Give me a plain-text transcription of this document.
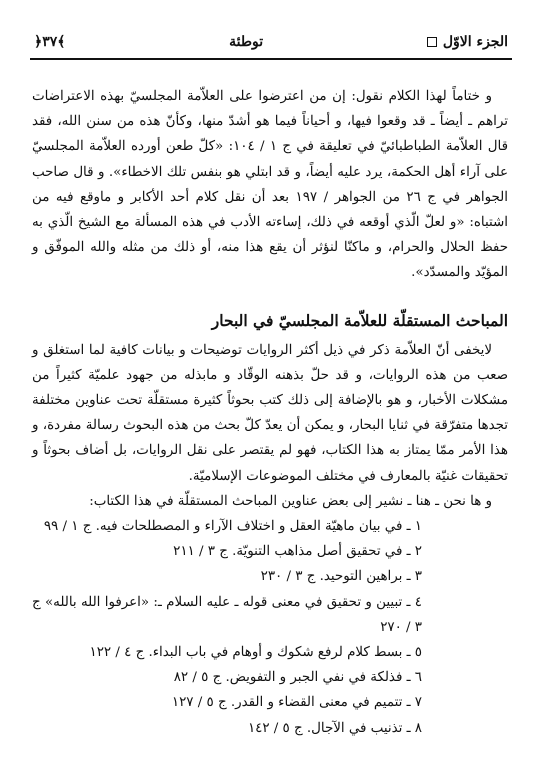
الجزء الاوّل
توطئة
﴾٣٧﴿

و ختاماً لهذا الكلام نقول: إن من اعترضوا على العلاّمة المجلسيّ بهذه الاعتراضات تراهم ـ أيضاً ـ قد وقعوا فيها، و أحياناً فيما هو أشدّ منها، وكأنّ هذه من سنن الله، فقد قال العلاّمة الطباطبائيّ في تعليقة في ج ١ / ١٠٤: «كلّ طعن أورده العلاّمة المجلسيّ على آراء أهل الحكمة، يرد عليه أيضاً، و قد ابتلي هو بنفس تلك الاخطاء». و قال صاحب الجواهر في ج ٢٦ من الجواهر / ١٩٧ بعد أن نقل كلام أحد الأكابر و ماوقع فيه من اشتباه: «و لعلّ الّذي أوقعه في ذلك، إساءته الأدب في هذه المسألة مع الشيخ الّذي به حفظ الحلال والحرام، و ماكنّا لنؤثر أن يقع هذا منه، أو ذلك من مثله والله الموفّق و المؤيّد والمسدّد».

المباحث المستقلّة للعلاّمة المجلسيّ في البحار

لايخفى أنّ العلاّمة ذكر في ذيل أكثر الروايات توضيحات و بيانات كافية لما استغلق و صعب من هذه الروايات، و قد حلّ بذهنه الوقّاد و مابذله من جهود علميّة كثيراً من مشكلات الأخبار، و هو بالإضافة إلى ذلك كتب بحوثاً كثيرة مستقلّة تحت عناوين مختلفة تجدها متفرّقة في ثنايا البحار، و يمكن أن يعدّ كلّ بحث من هذه البحوث رسالة مفردة، و هذا الأمر ممّا يمتاز به هذا الكتاب، فهو لم يقتصر على نقل الروايات، بل أضاف بحوثاً و تحقيقات غنيّة بالمعارف في مختلف الموضوعات الإسلاميّة.

و ها نحن ـ هنا ـ نشير إلى بعض عناوين المباحث المستقلّة في هذا الكتاب:

١ ـ في بيان ماهيّة العقل و اختلاف الآراء و المصطلحات فيه. ج ١ / ٩٩
٢ ـ في تحقيق أصل مذاهب التنويّة. ج ٣ / ٢١١
٣ ـ براهين التوحيد. ج ٣ / ٢٣٠
٤ ـ تبيين و تحقيق في معنى قوله ـ عليه السلام ـ: «اعرفوا الله بالله» ج ٣ / ٢٧٠
٥ ـ بسط كلام لرفع شكوك و أوهام في باب البداء. ج ٤ / ١٢٢
٦ ـ فذلكة في نفي الجبر و التفويض. ج ٥ / ٨٢
٧ ـ تتميم في معنى القضاء و القدر. ج ٥ / ١٢٧
٨ ـ تذنيب في الآجال. ج ٥ / ١٤٢
